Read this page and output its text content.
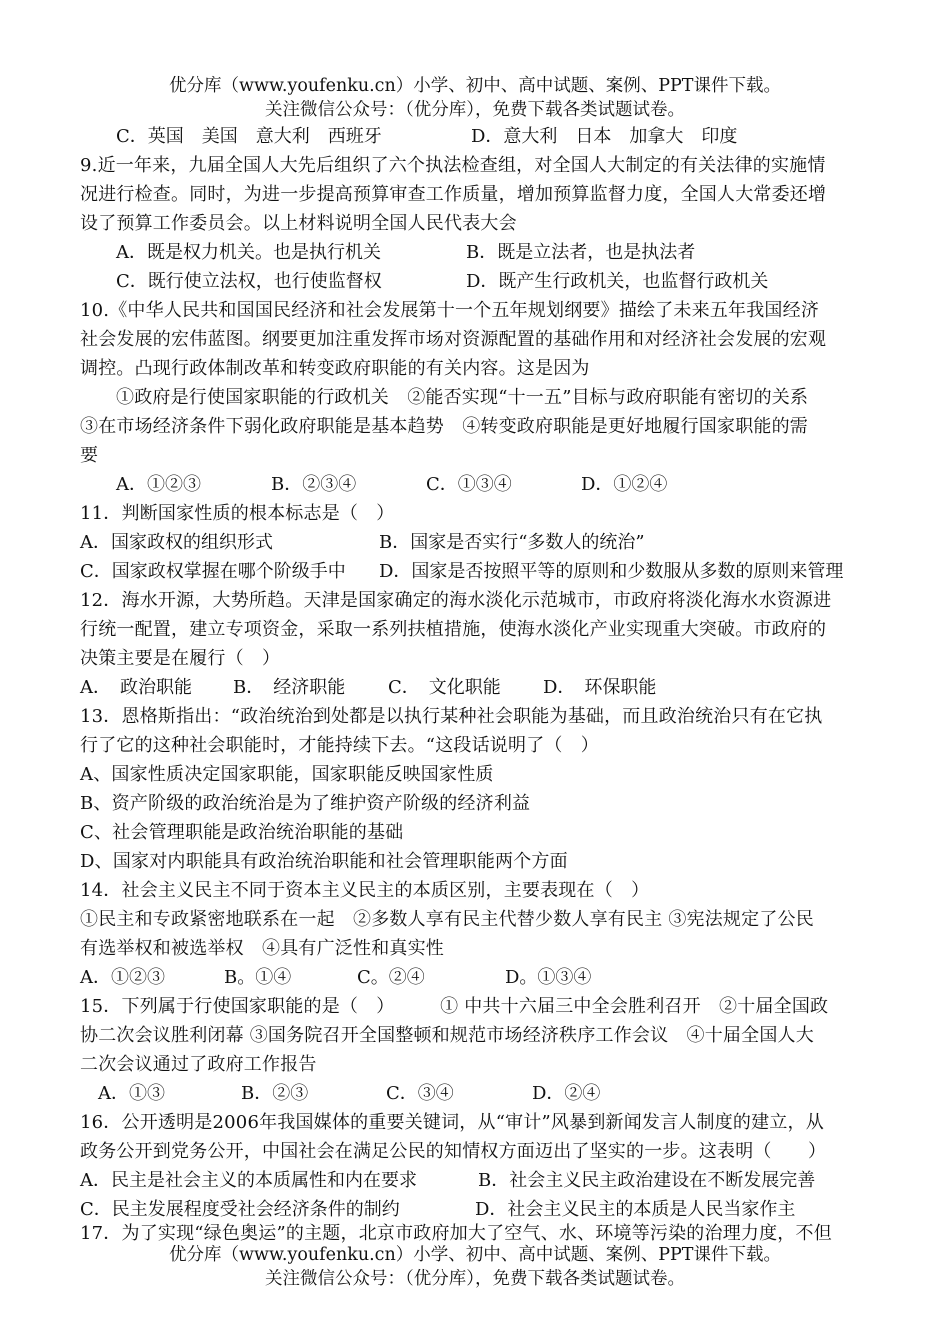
优分库（www.youfenku.cn）小学、初中、高中试题、案例、PPT课件下载。
关注微信公众号：（优分库），免费下载各类试题试卷。
C．英国　美国　意大利　西班牙	D．意大利　日本　加拿大　印度
9.近一年来，九届全国人大先后组织了六个执法检查组，对全国人大制定的有关法律的实施情
况进行检查。同时，为进一步提高预算审查工作质量，增加预算监督力度，全国人大常委还增
设了预算工作委员会。以上材料说明全国人民代表大会
A．既是权力机关。也是执行机关	B．既是立法者，也是执法者
C．既行使立法权，也行使监督权	D．既产生行政机关，也监督行政机关
10.《中华人民共和国国民经济和社会发展第十一个五年规划纲要》描绘了未来五年我国经济
社会发展的宏伟蓝图。纲要更加注重发挥市场对资源配置的基础作用和对经济社会发展的宏观
调控。凸现行政体制改革和转变政府职能的有关内容。这是因为
①政府是行使国家职能的行政机关　②能否实现“十一五”目标与政府职能有密切的关系
③在市场经济条件下弱化政府职能是基本趋势　④转变政府职能是更好地履行国家职能的需
要
A．①②③	B．②③④	C．①③④	D．①②④
11．判断国家性质的根本标志是（　）
A．国家政权的组织形式	B．国家是否实行“多数人的统治”
C．国家政权掌握在哪个阶级手中 D．国家是否按照平等的原则和少数服从多数的原则来管理
12．海水开源，大势所趋。天津是国家确定的海水淡化示范城市，市政府将淡化海水水资源进
行统一配置，建立专项资金，采取一系列扶植措施，使海水淡化产业实现重大突破。市政府的
决策主要是在履行（　）
A．　政治职能 B．　经济职能 C．　文化职能 D．　环保职能
13．恩格斯指出：“政治统治到处都是以执行某种社会职能为基础，而且政治统治只有在它执
行了它的这种社会职能时，才能持续下去。“这段话说明了（　）
A、国家性质决定国家职能，国家职能反映国家性质
B、资产阶级的政治统治是为了维护资产阶级的经济利益
C、社会管理职能是政治统治职能的基础
D、国家对内职能具有政治统治职能和社会管理职能两个方面
14．社会主义民主不同于资本主义民主的本质区别，主要表现在（　）
①民主和专政紧密地联系在一起　②多数人享有民主代替少数人享有民主 ③宪法规定了公民
有选举权和被选举权　④具有广泛性和真实性
A．①②③	B。①④	C。②④	D。①③④
15．下列属于行使国家职能的是（　）　　　① 中共十六届三中全会胜利召开　②十届全国政
协二次会议胜利闭幕 ③国务院召开全国整顿和规范市场经济秩序工作会议　④十届全国人大
二次会议通过了政府工作报告
A．①③	B．②③	C．③④	D．②④
16．公开透明是2006年我国媒体的重要关键词，从“审计”风暴到新闻发言人制度的建立，从
政务公开到党务公开，中国社会在满足公民的知情权方面迈出了坚实的一步。这表明（　　）
A．民主是社会主义的本质属性和内在要求	B．社会主义民主政治建设在不断发展完善
C．民主发展程度受社会经济条件的制约	D．社会主义民主的本质是人民当家作主
17．为了实现“绿色奥运”的主题，北京市政府加大了空气、水、环境等污染的治理力度，不但
优分库（www.youfenku.cn）小学、初中、高中试题、案例、PPT课件下载。
关注微信公众号：（优分库），免费下载各类试题试卷。
